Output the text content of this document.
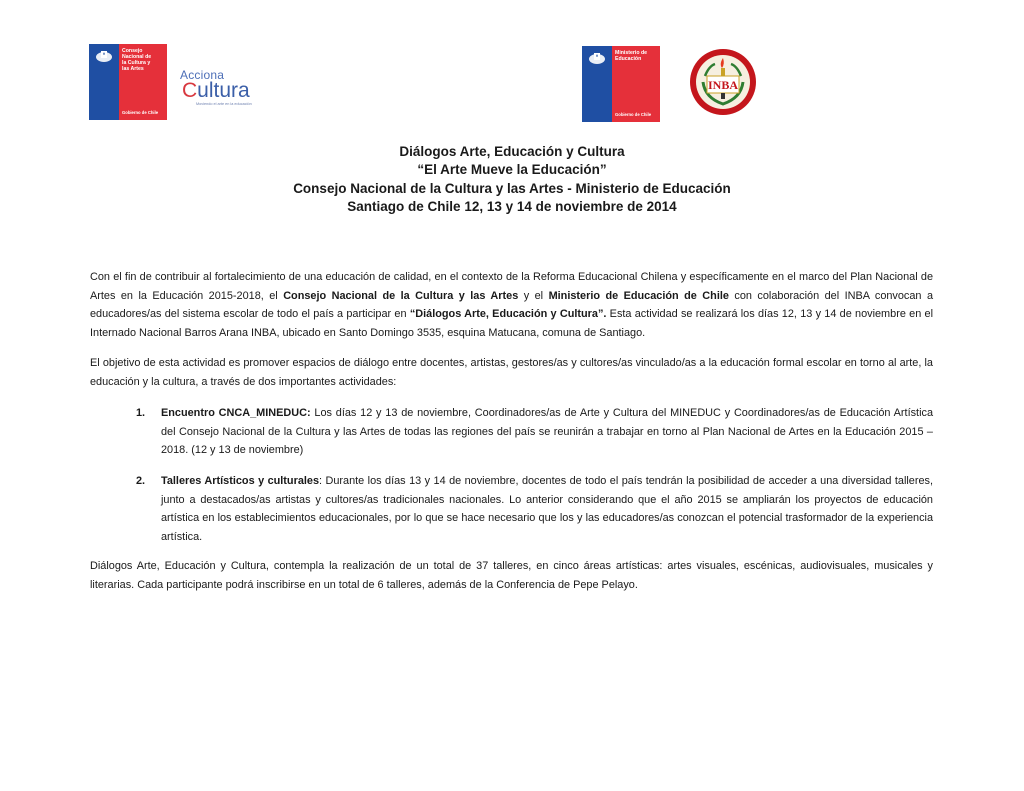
Consejo
Nacional de
la Cultura y
las Artes
Gobierno de Chile
Acciona
Cultura
Moviendo el arte en la educación
Ministerio de
Educación
Gobierno de Chile
INBA
Diálogos Arte, Educación y Cultura
“El Arte Mueve la Educación”
Consejo Nacional de la Cultura y las Artes - Ministerio de Educación
Santiago de Chile 12, 13 y 14 de noviembre de 2014
Con el fin de contribuir al fortalecimiento de una educación de calidad, en el contexto de la Reforma Educacional Chilena y específicamente en el marco del Plan Nacional de Artes en la Educación 2015-2018, el Consejo Nacional de la Cultura y las Artes y el Ministerio de Educación de Chile con colaboración del INBA convocan a educadores/as del sistema escolar de todo el país a participar en “Diálogos Arte, Educación y Cultura”. Esta actividad se realizará los días 12, 13 y 14 de noviembre en el Internado Nacional Barros Arana INBA, ubicado en Santo Domingo 3535, esquina Matucana, comuna de Santiago.
El objetivo de esta actividad es promover espacios de diálogo entre docentes, artistas, gestores/as y cultores/as vinculado/as a la educación formal escolar en torno al arte, la educación y la cultura, a través de dos importantes actividades:
1. Encuentro CNCA_MINEDUC: Los días 12 y 13 de noviembre, Coordinadores/as de Arte y Cultura del MINEDUC y Coordinadores/as de Educación Artística del Consejo Nacional de la Cultura y las Artes de todas las regiones del país se reunirán a trabajar en torno al Plan Nacional de Artes en la Educación 2015 – 2018. (12 y 13 de noviembre)
2. Talleres Artísticos y culturales: Durante los días 13 y 14 de noviembre, docentes de todo el país tendrán la posibilidad de acceder a una diversidad talleres, junto a destacados/as artistas y cultores/as tradicionales nacionales. Lo anterior considerando que el año 2015 se ampliarán los proyectos de educación artística en los establecimientos educacionales, por lo que se hace necesario que los y las educadores/as conozcan el potencial trasformador de la experiencia artística.
Diálogos Arte, Educación y Cultura, contempla la realización de un total de 37 talleres, en cinco áreas artísticas: artes visuales, escénicas, audiovisuales, musicales y literarias. Cada participante podrá inscribirse en un total de 6 talleres, además de la Conferencia de Pepe Pelayo.
